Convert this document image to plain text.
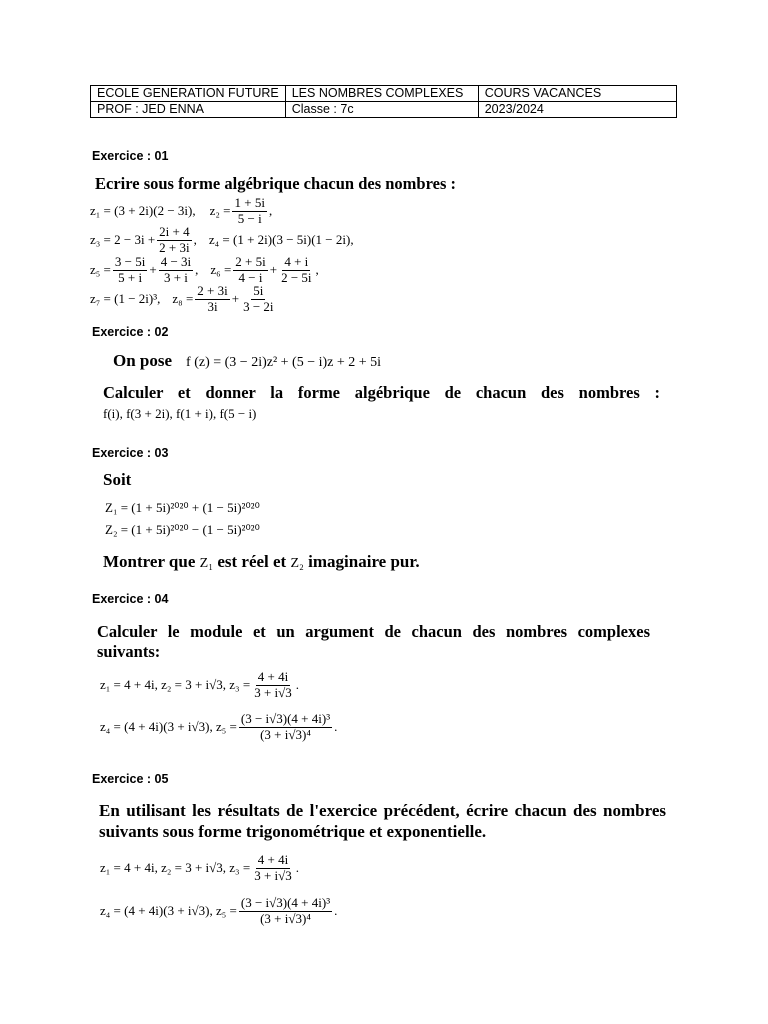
ECOLE GENERATION FUTURE	LES NOMBRES COMPLEXES	COURS VACANCES
PROF : JED ENNA	Classe : 7c	2023/2024
Exercice : 01
Ecrire sous forme algébrique chacun des nombres :
z₁ = (3 + 2i)(2 − 3i), $z_2 = \frac{1 + 5i}{5 - i}$ ,
$z_3 = 2 - 3i + \frac{2i + 4}{2 + 3i}$ , z₄ = (1 + 2i)(3 − 5i)(1 − 2i),
$z_5 = \frac{3 - 5i}{5 + i} + \frac{4 - 3i}{3 + i}$ , $z_6 = \frac{2 + 5i}{4 - i} + \frac{4 + i}{2 - 5i}$ ,
z₇ = (1 − 2i)³, $z_8 = \frac{2 + 3i}{3i} + \frac{5i}{3 - 2i}$
Exercice : 02
On pose f (z) = (3 − 2i)z² + (5 − i)z + 2 + 5i
Calculer et donner la forme algébrique de chacun des nombres :
f(i), f(3 + 2i), f(1 + i), f(5 − i)
Exercice : 03
Soit
Z₁ = (1 + 5i)²⁰²⁰ + (1 − 5i)²⁰²⁰
Z₂ = (1 + 5i)²⁰²⁰ − (1 − 5i)²⁰²⁰
Montrer que Z₁ est réel et Z₂ imaginaire pur.
Exercice : 04
Calculer le module et un argument de chacun des nombres complexes
suivants:
z₁ = 4 + 4i, z₂ = 3 + i√3, $z_3 = \frac{4 + 4i}{3 + i√3}$ .
z₄ = (4 + 4i)(3 + i√3), $z_5 = \frac{\text{(3 − i√3)(4 + 4i)³}}{\text{(3 + i√3)⁴}}$ .
Exercice : 05
En utilisant les résultats de l'exercice précédent, écrire chacun des nombres
suivants sous forme trigonométrique et exponentielle.
z₁ = 4 + 4i, z₂ = 3 + i√3, $z_3 = \frac{4 + 4i}{3 + i√3}$ .
z₄ = (4 + 4i)(3 + i√3), $z_5 = \frac{\text{(3 − i√3)(4 + 4i)³}}{\text{(3 + i√3)⁴}}$ .
